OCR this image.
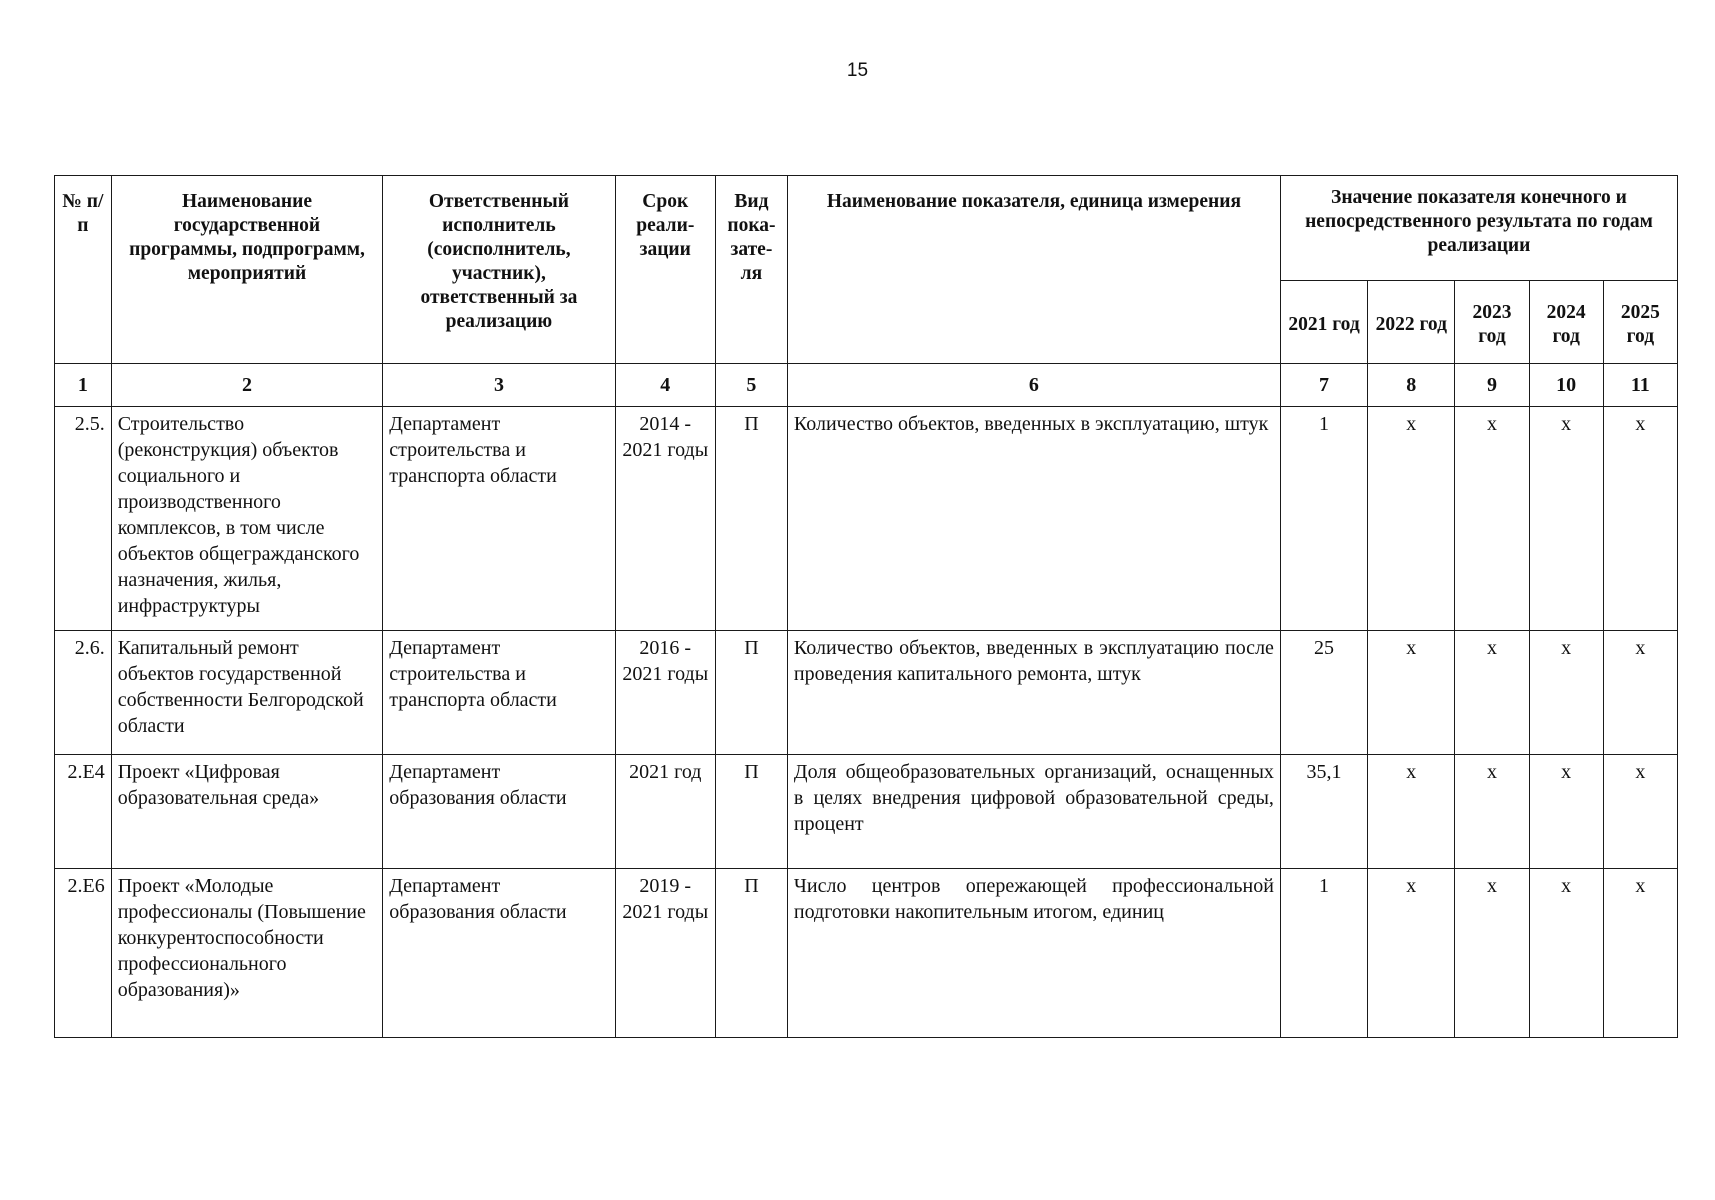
15
№ п/п	Наименование государственной программы, подпрограмм, мероприятий	Ответственный исполнитель (соисполнитель, участник), ответственный за реализацию	Срок реали-зации	Вид пока-зате-ля	Наименование показателя, единица измерения	Значение показателя конечного и непосредственного результата по годам реализации				
						2021 год	2022 год	2023 год	2024 год	2025 год
1	2	3	4	5	6	7	8	9	10	11
2.5.	Строительство (реконструкция) объектов социального и производственного комплексов, в том числе объектов общегражданского назначения, жилья, инфраструктуры	Департамент строительства и транспорта области	2014 - 2021 годы	П	Количество объектов, введенных в эксплуатацию, штук	1	х	х	х	х
2.6.	Капитальный ремонт объектов государственной собственности Белгородской области	Департамент строительства и транспорта области	2016 - 2021 годы	П	Количество объектов, введенных в эксплуатацию после проведения капитального ремонта, штук	25	х	х	х	х
2.Е4	Проект «Цифровая образовательная среда»	Департамент образования области	2021 год	П	Доля общеобразовательных организаций, оснащенных в целях внедрения цифровой образовательной среды, процент	35,1	х	х	х	х
2.Е6	Проект «Молодые профессионалы (Повышение конкурентоспособности профессионального образования)»	Департамент образования области	2019 - 2021 годы	П	Число центров опережающей профессиональной подготовки накопительным итогом, единиц	1	х	х	х	х
